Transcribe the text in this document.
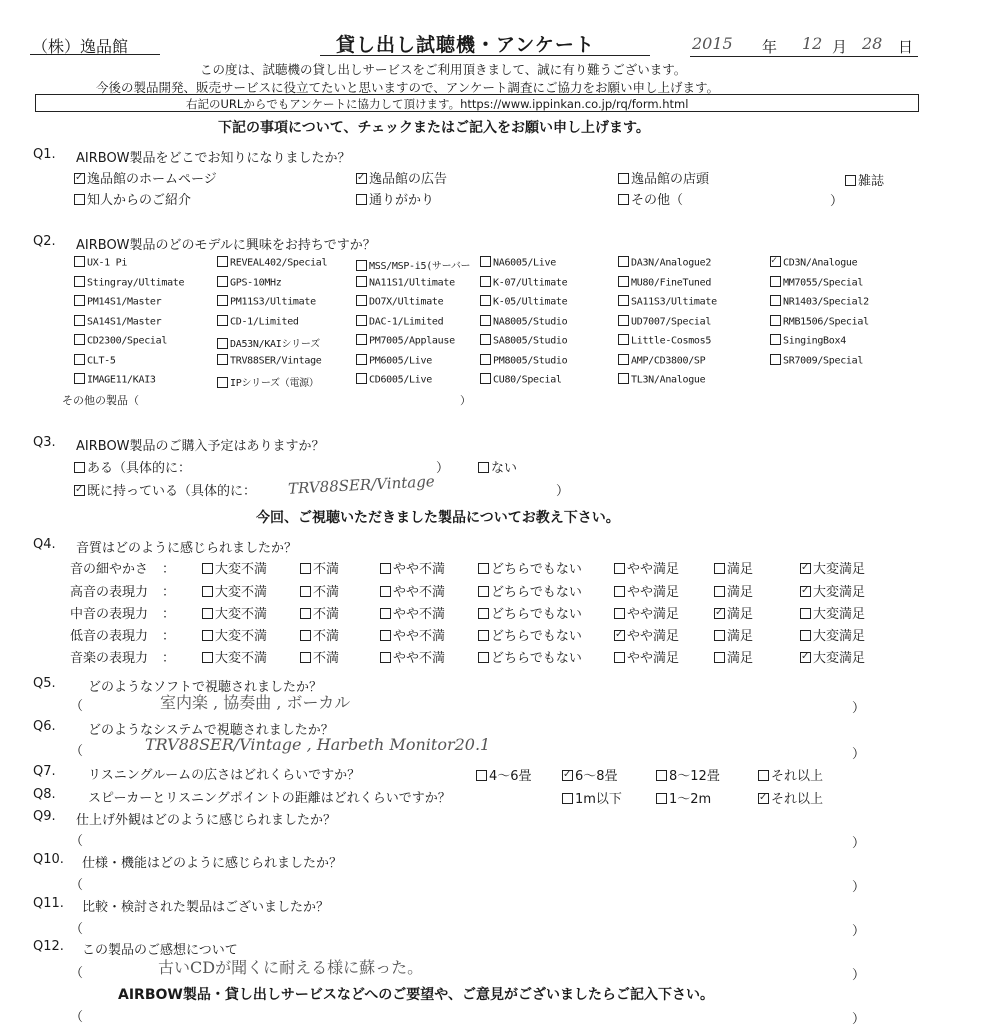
（株）逸品館	貸し出し試聴機・アンケート	2015 年 12 月 28 日
この度は、試聴機の貸し出しサービスをご利用頂きまして、誠に有り難うございます。
今後の製品開発、販売サービスに役立てたいと思いますので、アンケート調査にご協力をお願い申し上げます。
右記のURLからでもアンケートに協力して頂けます。https://www.ippinkan.co.jp/rq/form.html
下記の事項について、チェックまたはご記入をお願い申し上げます。
Q1. AIRBOW製品をどこでお知りになりましたか？
✓逸品館のホームページ ✓	逸品館の広告	逸品館の店頭	雑誌
知人からのご紹介	通りがかり	その他（	）
Q2. AIRBOW製品のどのモデルに興味をお持ちですか？
UX-1 Pi	REVEAL402/Special	MSS/MSP-i5(サーバー	NA6005/Live	DA3N/Analogue2 ✓	CD3N/Analogue
Stingray/Ultimate	GPS-10MHz	NA11S1/Ultimate	K-07/Ultimate	MU80/FineTuned	MM7055/Special
PM14S1/Master	PM11S3/Ultimate	DO7X/Ultimate	K-05/Ultimate	SA11S3/Ultimate	NR1403/Special2
SA14S1/Master	CD-1/Limited	DAC-1/Limited	NA8005/Studio	UD7007/Special	RMB1506/Special
CD2300/Special	DA53N/KAIシリーズ	PM7005/Applause	SA8005/Studio	Little-Cosmos5	SingingBox4
CLT-5	TRV88SER/Vintage	PM6005/Live	PM8005/Studio	AMP/CD3800/SP	SR7009/Special
IMAGE11/KAI3	IPシリーズ（電源）	CD6005/Live	CU80/Special	TL3N/Analogue
その他の製品（	）
Q3. AIRBOW製品のご購入予定はありますか？
ある（具体的に：	）	ない
✓既に持っている（具体的に： TRV88SER/Vintage	）
今回、ご視聴いただきました製品についてお教え下さい。
Q4. 音質はどのように感じられましたか？
音の細やかさ ：	大変不満	不満	やや不満	どちらでもない	やや満足	満足 ✓	大変満足
高音の表現力 ：	大変不満	不満	やや不満	どちらでもない	やや満足	満足 ✓	大変満足
中音の表現力 ：	大変不満	不満	やや不満	どちらでもない	やや満足 ✓	満足	大変満足
低音の表現力 ：	大変不満	不満	やや不満	どちらでもない ✓	やや満足	満足	大変満足
音楽の表現力 ：	大変不満	不満	やや不満	どちらでもない	やや満足	満足 ✓	大変満足
Q5. どのようなソフトで視聴されましたか？
（	室内楽 , 協奏曲 , ボーカル	）
Q6. どのようなシステムで視聴されましたか？
（	TRV88SER/Vintage , Harbeth Monitor20.1
）
Q7. リスニングルームの広さはどれくらいですか？	4～6畳 ✓	6～8畳	8～12畳	それ以上
Q8. スピーカーとリスニングポイントの距離はどれくらいですか？	1m以下	1～2m ✓	それ以上
Q9. 仕上げ外観はどのように感じられましたか？
（	）
Q10. 仕様・機能はどのように感じられましたか？
（	）
Q11. 比較・検討された製品はございましたか？
（	）
Q12. この製品のご感想について
（	古いCDが聞くに耐える様に蘇った。	）
AIRBOW製品・貸し出しサービスなどへのご要望や、ご意見がございましたらご記入下さい。
（	）
